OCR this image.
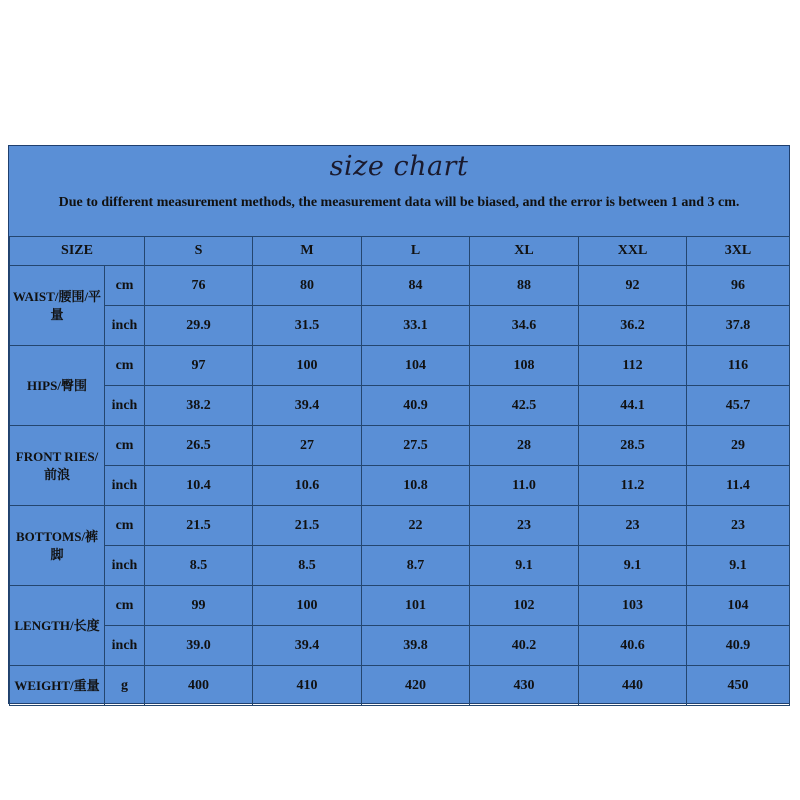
size chart
Due to different measurement methods, the measurement data will be biased, and the error is between 1 and 3 cm.
SIZE		S	M	L	XL	XXL	3XL
WAIST/腰围/平量	cm	76	80	84	88	92	96
	inch	29.9	31.5	33.1	34.6	36.2	37.8
HIPS/臀围	cm	97	100	104	108	112	116
	inch	38.2	39.4	40.9	42.5	44.1	45.7
FRONT RIES/前浪	cm	26.5	27	27.5	28	28.5	29
	inch	10.4	10.6	10.8	11.0	11.2	11.4
BOTTOMS/裤脚	cm	21.5	21.5	22	23	23	23
	inch	8.5	8.5	8.7	9.1	9.1	9.1
LENGTH/长度	cm	99	100	101	102	103	104
	inch	39.0	39.4	39.8	40.2	40.6	40.9
WEIGHT/重量	g	400	410	420	430	440	450
